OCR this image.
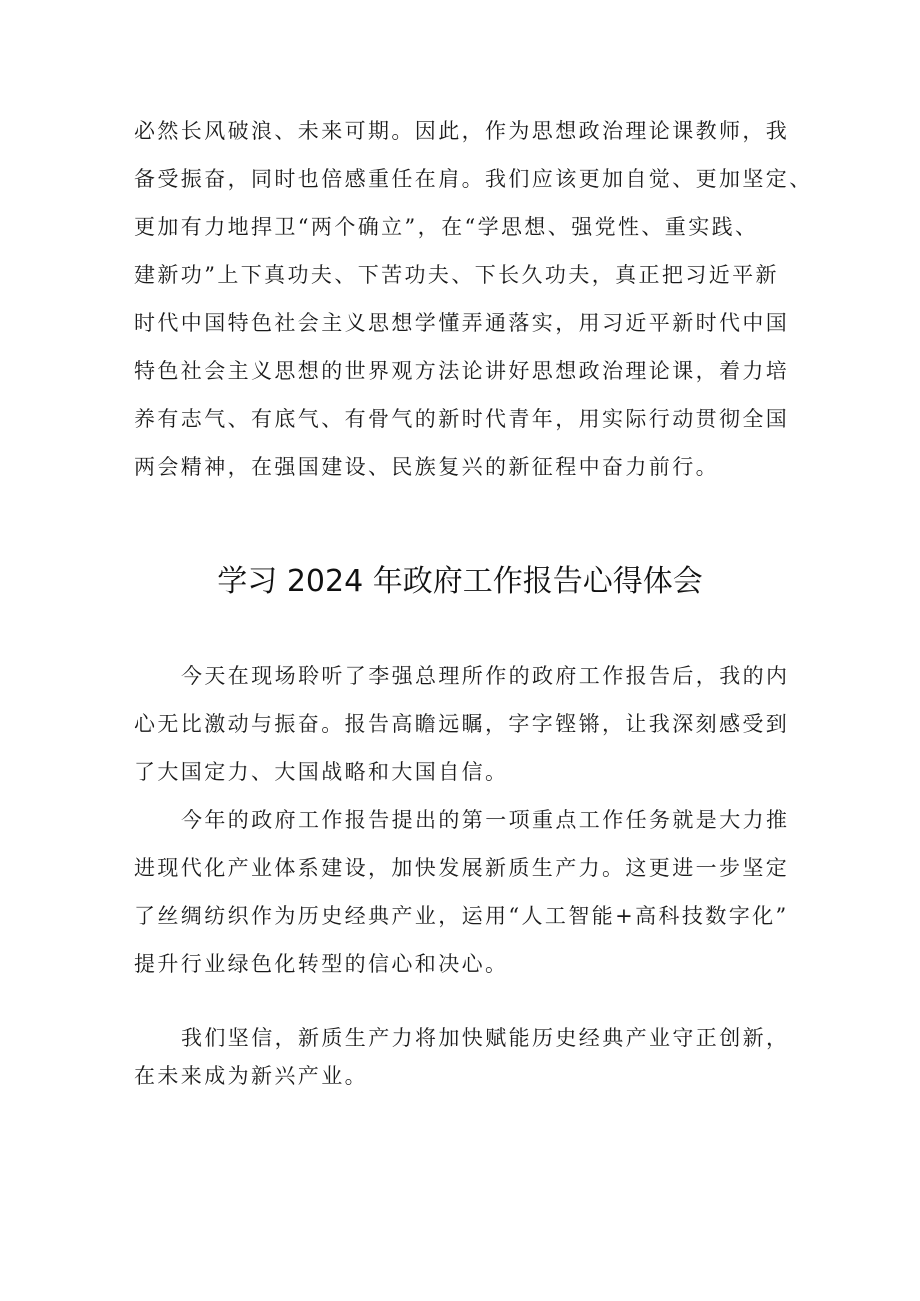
必然长风破浪、未来可期。因此，作为思想政治理论课教师，我
备受振奋，同时也倍感重任在肩。我们应该更加自觉、更加坚定、
更加有力地捍卫“两个确立”，在“学思想、强党性、重实践、
建新功”上下真功夫、下苦功夫、下长久功夫，真正把习近平新
时代中国特色社会主义思想学懂弄通落实，用习近平新时代中国
特色社会主义思想的世界观方法论讲好思想政治理论课，着力培
养有志气、有底气、有骨气的新时代青年，用实际行动贯彻全国
两会精神，在强国建设、民族复兴的新征程中奋力前行。
学习 2024 年政府工作报告心得体会
今天在现场聆听了李强总理所作的政府工作报告后，我的内
心无比激动与振奋。报告高瞻远瞩，字字铿锵，让我深刻感受到
了大国定力、大国战略和大国自信。
今年的政府工作报告提出的第一项重点工作任务就是大力推
进现代化产业体系建设，加快发展新质生产力。这更进一步坚定
了丝绸纺织作为历史经典产业，运用“人工智能+高科技数字化”
提升行业绿色化转型的信心和决心。
我们坚信，新质生产力将加快赋能历史经典产业守正创新，
在未来成为新兴产业。
